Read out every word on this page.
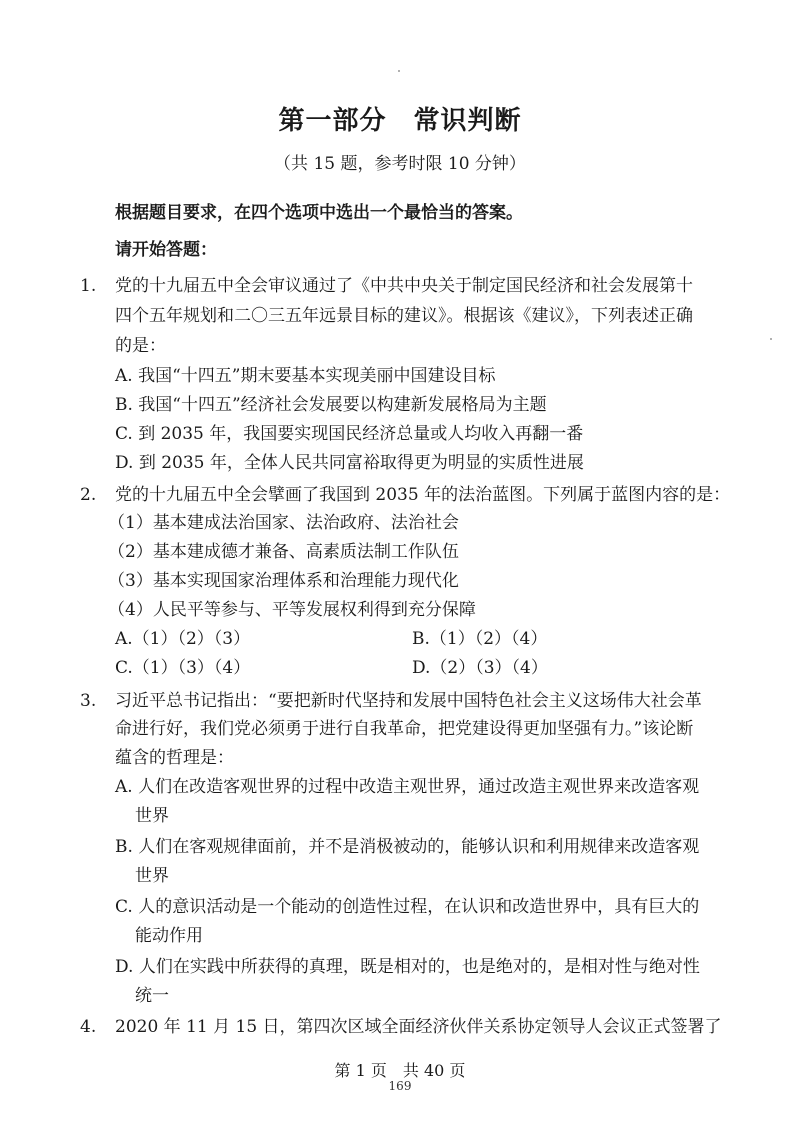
第一部分　常识判断
（共 15 题，参考时限 10 分钟）
根据题目要求，在四个选项中选出一个最恰当的答案。
请开始答题：
1. 党的十九届五中全会审议通过了《中共中央关于制定国民经济和社会发展第十
四个五年规划和二〇三五年远景目标的建议》。根据该《建议》，下列表述正确
的是：
A. 我国“十四五”期末要基本实现美丽中国建设目标
B. 我国“十四五”经济社会发展要以构建新发展格局为主题
C. 到 2035 年，我国要实现国民经济总量或人均收入再翻一番
D. 到 2035 年，全体人民共同富裕取得更为明显的实质性进展
2. 党的十九届五中全会擘画了我国到 2035 年的法治蓝图。下列属于蓝图内容的是：
（1）基本建成法治国家、法治政府、法治社会
（2）基本建成德才兼备、高素质法制工作队伍
（3）基本实现国家治理体系和治理能力现代化
（4）人民平等参与、平等发展权利得到充分保障
A.（1）（2）（3）	B.（1）（2）（4）
C.（1）（3）（4）	D.（2）（3）（4）
3. 习近平总书记指出：“要把新时代坚持和发展中国特色社会主义这场伟大社会革
命进行好，我们党必须勇于进行自我革命，把党建设得更加坚强有力。”该论断
蕴含的哲理是：
A. 人们在改造客观世界的过程中改造主观世界，通过改造主观世界来改造客观
世界
B. 人们在客观规律面前，并不是消极被动的，能够认识和利用规律来改造客观
世界
C. 人的意识活动是一个能动的创造性过程，在认识和改造世界中，具有巨大的
能动作用
D. 人们在实践中所获得的真理，既是相对的，也是绝对的，是相对性与绝对性
统一
4. 2020 年 11 月 15 日，第四次区域全面经济伙伴关系协定领导人会议正式签署了
第 1 页　共 40 页
169
